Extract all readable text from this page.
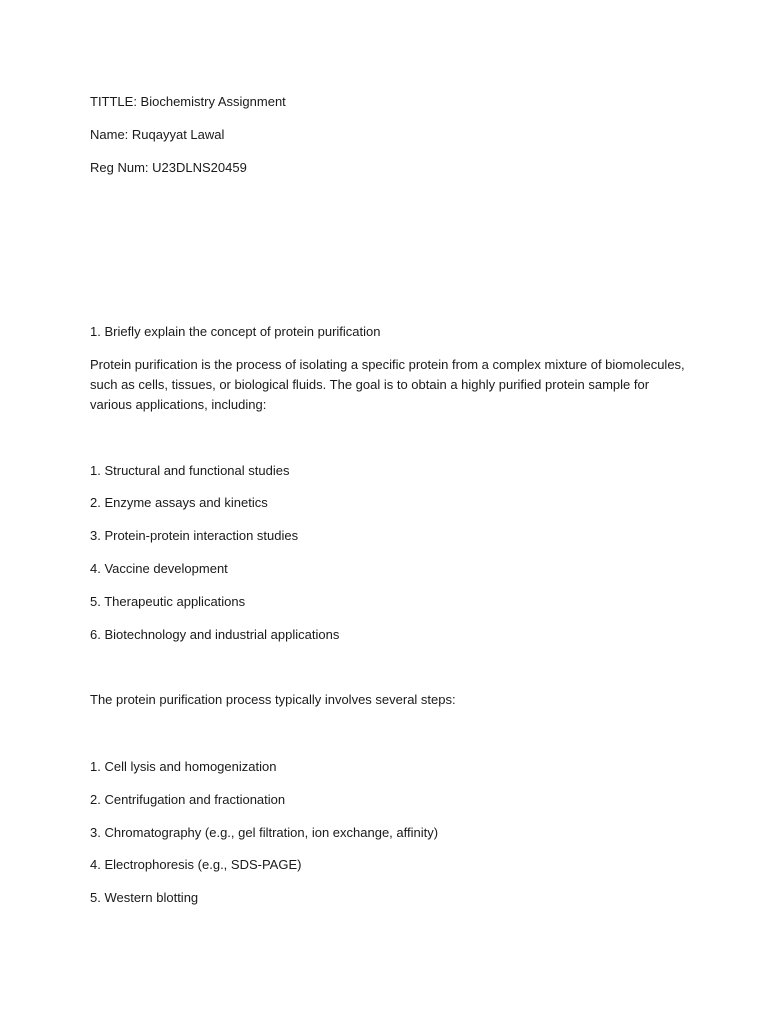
TITTLE: Biochemistry Assignment

Name: Ruqayyat Lawal

Reg Num: U23DLNS20459

1. Briefly explain the concept of protein purification

Protein purification is the process of isolating a specific protein from a complex mixture of biomolecules, such as cells, tissues, or biological fluids. The goal is to obtain a highly purified protein sample for various applications, including:

1. Structural and functional studies

2. Enzyme assays and kinetics

3. Protein-protein interaction studies

4. Vaccine development

5. Therapeutic applications

6. Biotechnology and industrial applications

The protein purification process typically involves several steps:

1. Cell lysis and homogenization

2. Centrifugation and fractionation

3. Chromatography (e.g., gel filtration, ion exchange, affinity)

4. Electrophoresis (e.g., SDS-PAGE)

5. Western blotting
